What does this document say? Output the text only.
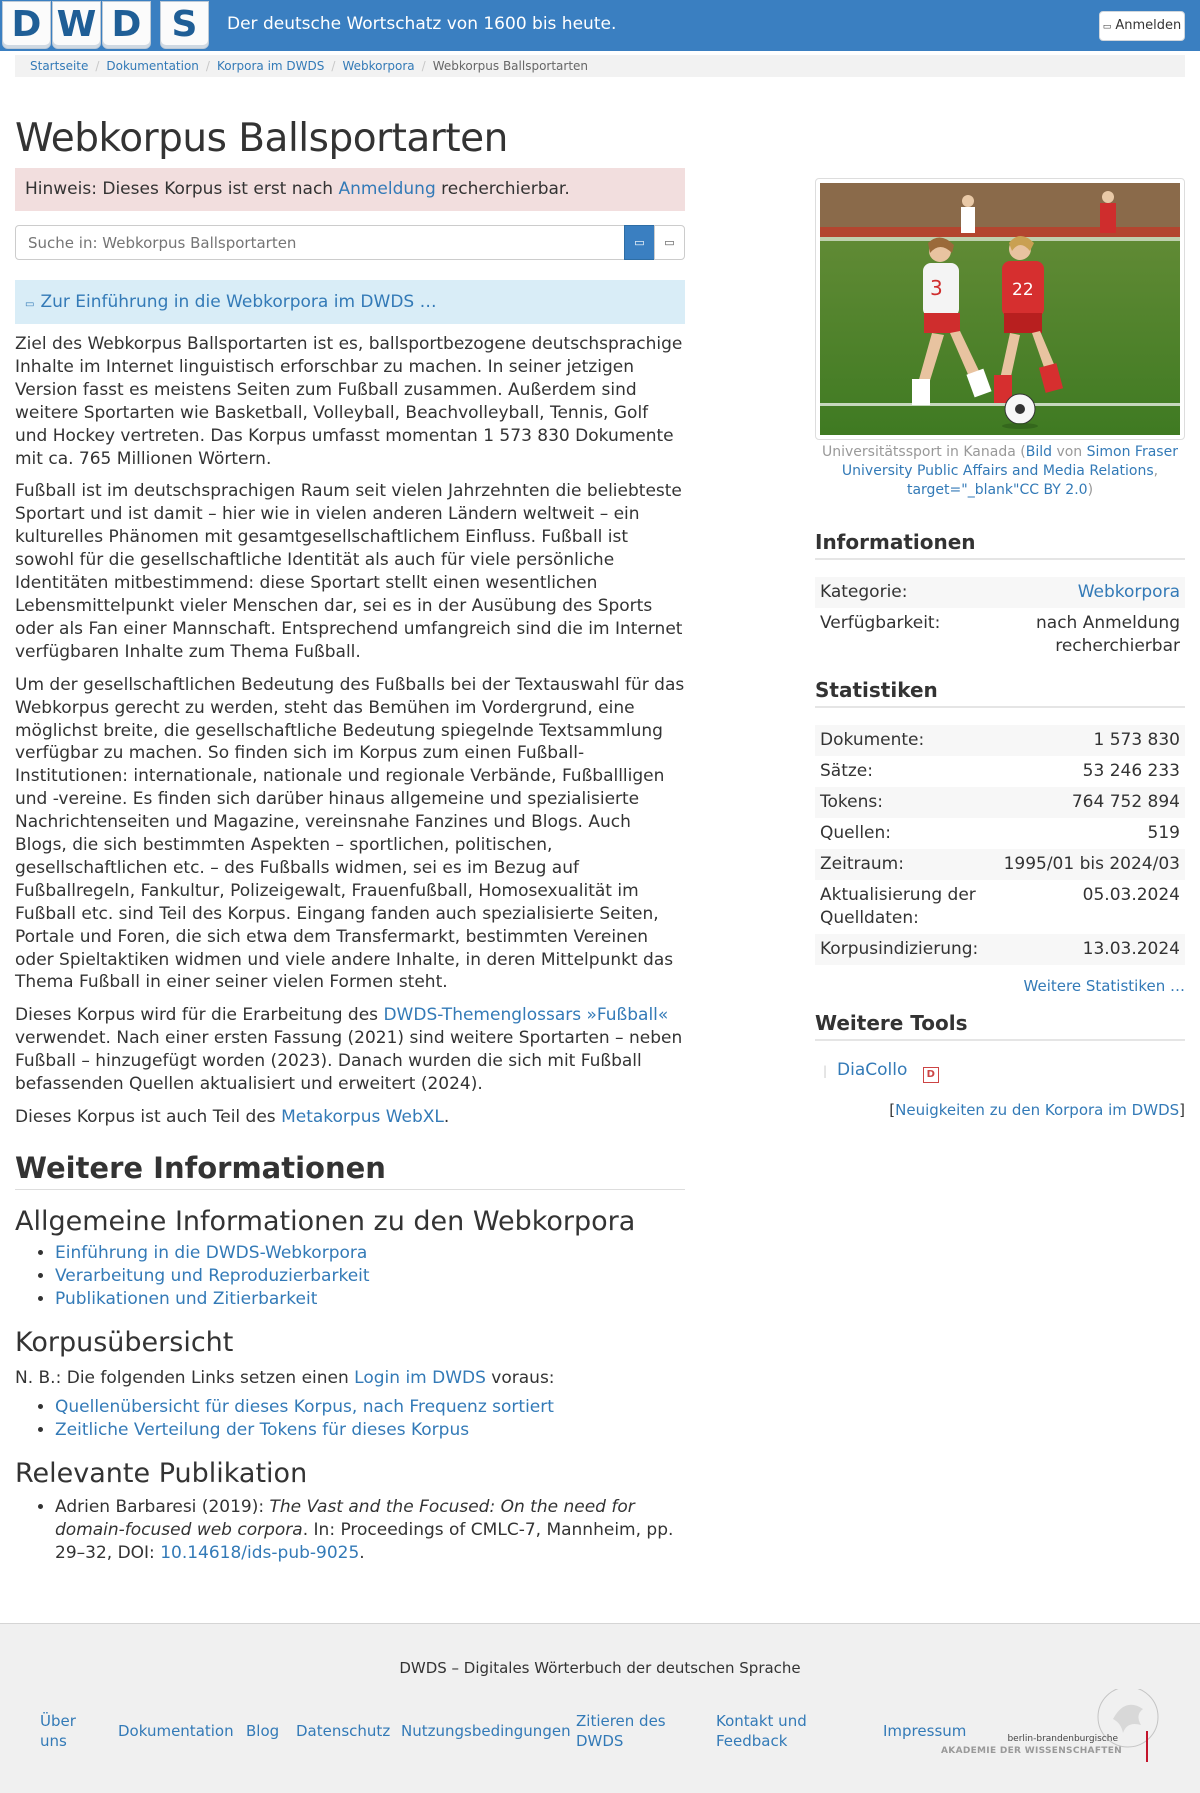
D W D S	Der deutsche Wortschatz von 1600 bis heute.	▭ Anmelden
Startseite / Dokumentation / Korpora im DWDS / Webkorpora / Webkorpus Ballsportarten
Webkorpus Ballsportarten
Hinweis: Dieses Korpus ist erst nach Anmeldung recherchierbar.
Suche in: Webkorpus Ballsportarten
▭	▭
▭ Zur Einführung in die Webkorpora im DWDS …

Ziel des Webkorpus Ballsportarten ist es, ballsportbezogene deutschsprachige Inhalte im Internet linguistisch erforschbar zu machen. In seiner jetzigen Version fasst es meistens Seiten zum Fußball zusammen. Außerdem sind weitere Sportarten wie Basketball, Volleyball, Beachvolleyball, Tennis, Golf und Hockey vertreten. Das Korpus umfasst momentan 1 573 830 Dokumente mit ca. 765 Millionen Wörtern.

Fußball ist im deutschsprachigen Raum seit vielen Jahrzehnten die beliebteste Sportart und ist damit – hier wie in vielen anderen Ländern weltweit – ein kulturelles Phänomen mit gesamtgesellschaftlichem Einfluss. Fußball ist sowohl für die gesellschaftliche Identität als auch für viele persönliche Identitäten mitbestimmend: diese Sportart stellt einen wesentlichen Lebensmittelpunkt vieler Menschen dar, sei es in der Ausübung des Sports oder als Fan einer Mannschaft. Entsprechend umfangreich sind die im Internet verfügbaren Inhalte zum Thema Fußball.

Um der gesellschaftlichen Bedeutung des Fußballs bei der Textauswahl für das Webkorpus gerecht zu werden, steht das Bemühen im Vordergrund, eine möglichst breite, die gesellschaftliche Bedeutung spiegelnde Textsammlung verfügbar zu machen. So finden sich im Korpus zum einen Fußball-Institutionen: internationale, nationale und regionale Verbände, Fußballligen und -vereine. Es finden sich darüber hinaus allgemeine und spezialisierte Nachrichtenseiten und Magazine, vereinsnahe Fanzines und Blogs. Auch Blogs, die sich bestimmten Aspekten – sportlichen, politischen, gesellschaftlichen etc. – des Fußballs widmen, sei es im Bezug auf Fußballregeln, Fankultur, Polizeigewalt, Frauenfußball, Homosexualität im Fußball etc. sind Teil des Korpus. Eingang fanden auch spezialisierte Seiten, Portale und Foren, die sich etwa dem Transfermarkt, bestimmten Vereinen oder Spieltaktiken widmen und viele andere Inhalte, in deren Mittelpunkt das Thema Fußball in einer seiner vielen Formen steht.

Dieses Korpus wird für die Erarbeitung des DWDS-Themenglossars »Fußball« verwendet. Nach einer ersten Fassung (2021) sind weitere Sportarten – neben Fußball – hinzugefügt worden (2023). Danach wurden die sich mit Fußball befassenden Quellen aktualisiert und erweitert (2024).

Dieses Korpus ist auch Teil des Metakorpus WebXL.

Weitere Informationen
Allgemeine Informationen zu den Webkorpora
• Einführung in die DWDS-Webkorpora
• Verarbeitung und Reproduzierbarkeit
• Publikationen und Zitierbarkeit
Korpusübersicht

N. B.: Die folgenden Links setzen einen Login im DWDS voraus:

• Quellenübersicht für dieses Korpus, nach Frequenz sortiert
• Zeitliche Verteilung der Tokens für dieses Korpus
Relevante Publikation
• Adrien Barbaresi (2019): The Vast and the Focused: On the need for domain-focused web corpora. In: Proceedings of CMLC-7, Mannheim, pp. 29–32, DOI: 10.14618/ids-pub-9025.
3	22
Universitätssport in Kanada (Bild von Simon Fraser University Public Affairs and Media Relations, target="_blank"CC BY 2.0)
Informationen
Kategorie:	Webkorpora
Verfügbarkeit:	nach Anmeldung recherchierbar
Statistiken
Dokumente:	1 573 830
Sätze:	53 246 233
Tokens:	764 752 894
Quellen:	519
Zeitraum:	1995/01 bis 2024/03
Aktualisierung der Quelldaten:	05.03.2024
Korpusindizierung:	13.03.2024
Weitere Statistiken …
Weitere Tools
| DiaCollo D
[Neuigkeiten zu den Korpora im DWDS]
DWDS – Digitales Wörterbuch der deutschen Sprache
Über uns
Dokumentation Blog Datenschutz Nutzungsbedingungen
Zitieren des DWDS
Kontakt und Feedback
Impressum	berlin-brandenburgische
AKADEMIE DER WISSENSCHAFTEN
